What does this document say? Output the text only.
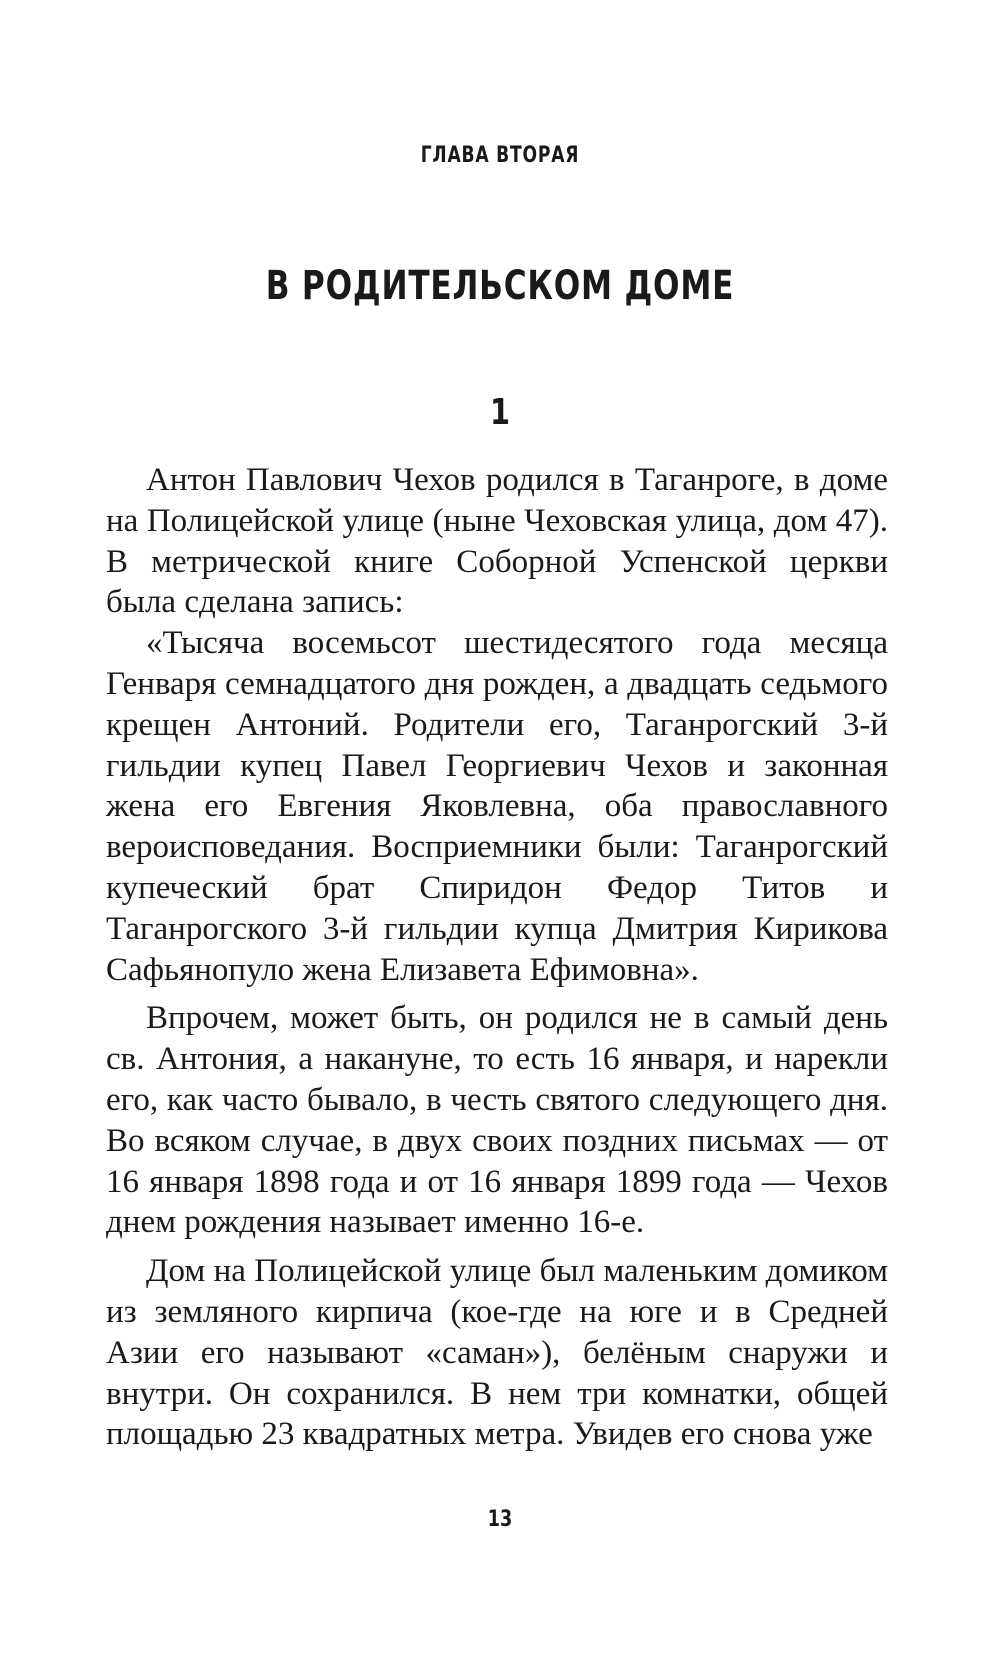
ГЛАВА ВТОРАЯ
В РОДИТЕЛЬСКОМ ДОМЕ
1

Антон Павлович Чехов родился в Таганроге, в доме на Полицейской улице (ныне Чеховская улица, дом 47). В метрической книге Соборной Успенской церкви была сделана запись:

«Тысяча восемьсот шестидесятого года месяца Генваря семнадцатого дня рожден, а двадцать седьмого крещен Антоний. Родители его, Таганрогский 3-й гильдии купец Павел Георгиевич Чехов и законная жена его Евгения Яковлевна, оба православного вероисповедания. Восприемники были: Таганрогский купеческий брат Спиридон Федор Титов и Таганрогского 3-й гильдии купца Дмитрия Кирикова Сафьянопуло жена Елизавета Ефимовна».

Впрочем, может быть, он родился не в самый день св. Антония, а накануне, то есть 16 января, и нарекли его, как часто бывало, в честь святого следующего дня. Во всяком случае, в двух своих поздних письмах — от 16 января 1898 года и от 16 января 1899 года — Чехов днем рождения называет именно 16-е.

Дом на Полицейской улице был маленьким домиком из земляного кирпича (кое-где на юге и в Средней Азии его называют «саман»), белёным снаружи и внутри. Он сохранился. В нем три комнатки, общей площадью 23 квадратных метра. Увидев его снова уже

13
